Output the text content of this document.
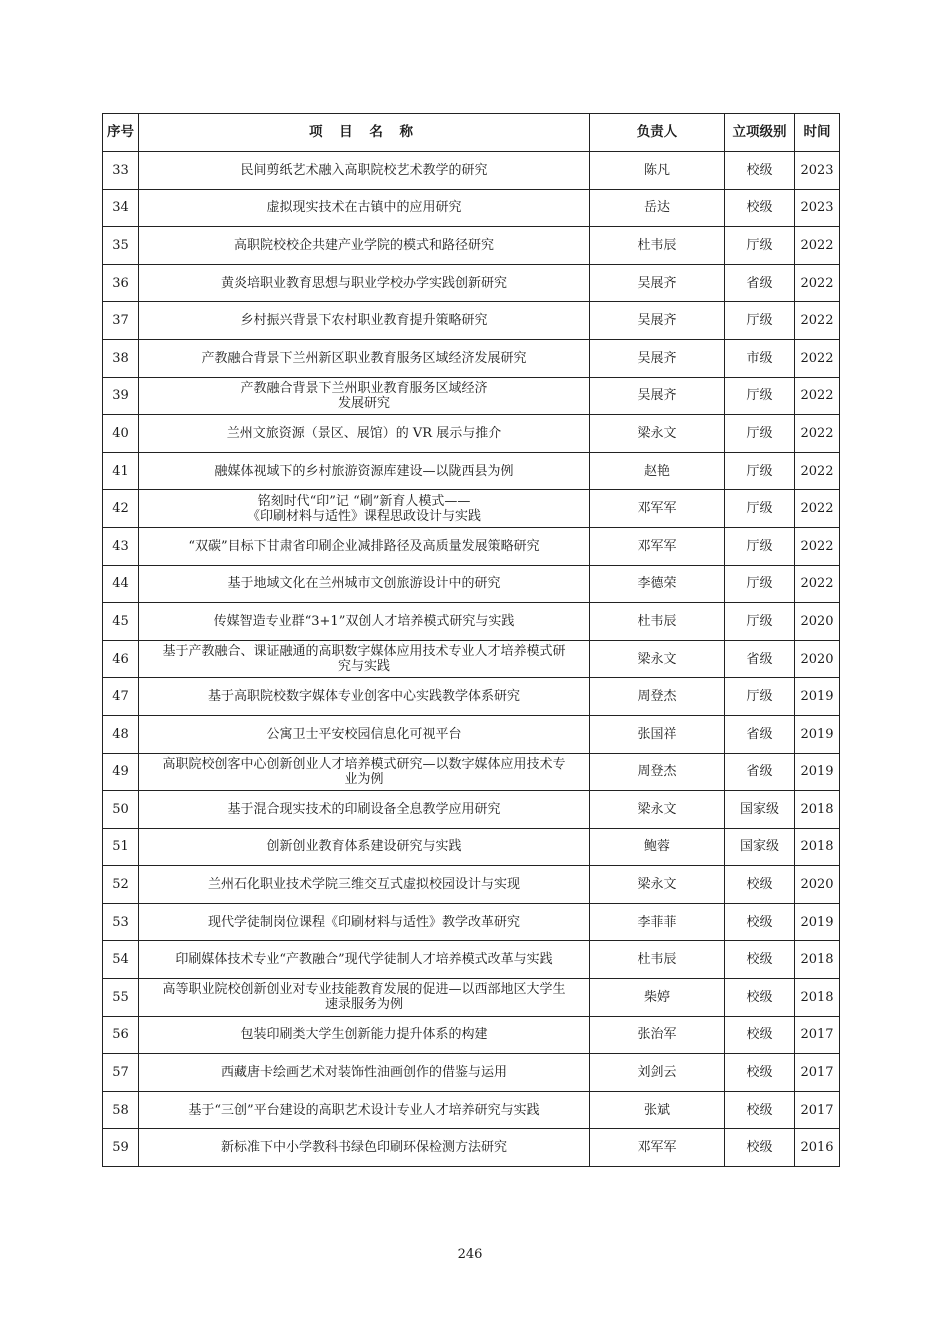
序号	项 目 名 称	负责人	立项级别	时间
33	民间剪纸艺术融入高职院校艺术教学的研究	陈凡	校级	2023
34	虚拟现实技术在古镇中的应用研究	岳达	校级	2023
35	高职院校校企共建产业学院的模式和路径研究	杜韦辰	厅级	2022
36	黄炎培职业教育思想与职业学校办学实践创新研究	吴展齐	省级	2022
37	乡村振兴背景下农村职业教育提升策略研究	吴展齐	厅级	2022
38	产教融合背景下兰州新区职业教育服务区域经济发展研究	吴展齐	市级	2022
39	产教融合背景下兰州职业教育服务区域经济
发展研究	吴展齐	厅级	2022
40	兰州文旅资源（景区、展馆）的 VR 展示与推介	梁永文	厅级	2022
41	融媒体视域下的乡村旅游资源库建设—以陇西县为例	赵艳	厅级	2022
42	铭刻时代“印”记 “刷”新育人模式——
《印刷材料与适性》课程思政设计与实践	邓军军	厅级	2022
43	“双碳”目标下甘肃省印刷企业减排路径及高质量发展策略研究	邓军军	厅级	2022
44	基于地域文化在兰州城市文创旅游设计中的研究	李德荣	厅级	2022
45	传媒智造专业群“3+1”双创人才培养模式研究与实践	杜韦辰	厅级	2020
46	基于产教融合、课证融通的高职数字媒体应用技术专业人才培养模式研
究与实践	梁永文	省级	2020
47	基于高职院校数字媒体专业创客中心实践教学体系研究	周登杰	厅级	2019
48	公寓卫士平安校园信息化可视平台	张国祥	省级	2019
49	高职院校创客中心创新创业人才培养模式研究—以数字媒体应用技术专
业为例	周登杰	省级	2019
50	基于混合现实技术的印刷设备全息教学应用研究	梁永文	国家级	2018
51	创新创业教育体系建设研究与实践	鲍蓉	国家级	2018
52	兰州石化职业技术学院三维交互式虚拟校园设计与实现	梁永文	校级	2020
53	现代学徒制岗位课程《印刷材料与适性》教学改革研究	李菲菲	校级	2019
54	印刷媒体技术专业“产教融合”现代学徒制人才培养模式改革与实践	杜韦辰	校级	2018
55	高等职业院校创新创业对专业技能教育发展的促进—以西部地区大学生
速录服务为例	柴婷	校级	2018
56	包装印刷类大学生创新能力提升体系的构建	张治军	校级	2017
57	西藏唐卡绘画艺术对装饰性油画创作的借鉴与运用	刘剑云	校级	2017
58	基于“三创”平台建设的高职艺术设计专业人才培养研究与实践	张斌	校级	2017
59	新标准下中小学教科书绿色印刷环保检测方法研究	邓军军	校级	2016
246
